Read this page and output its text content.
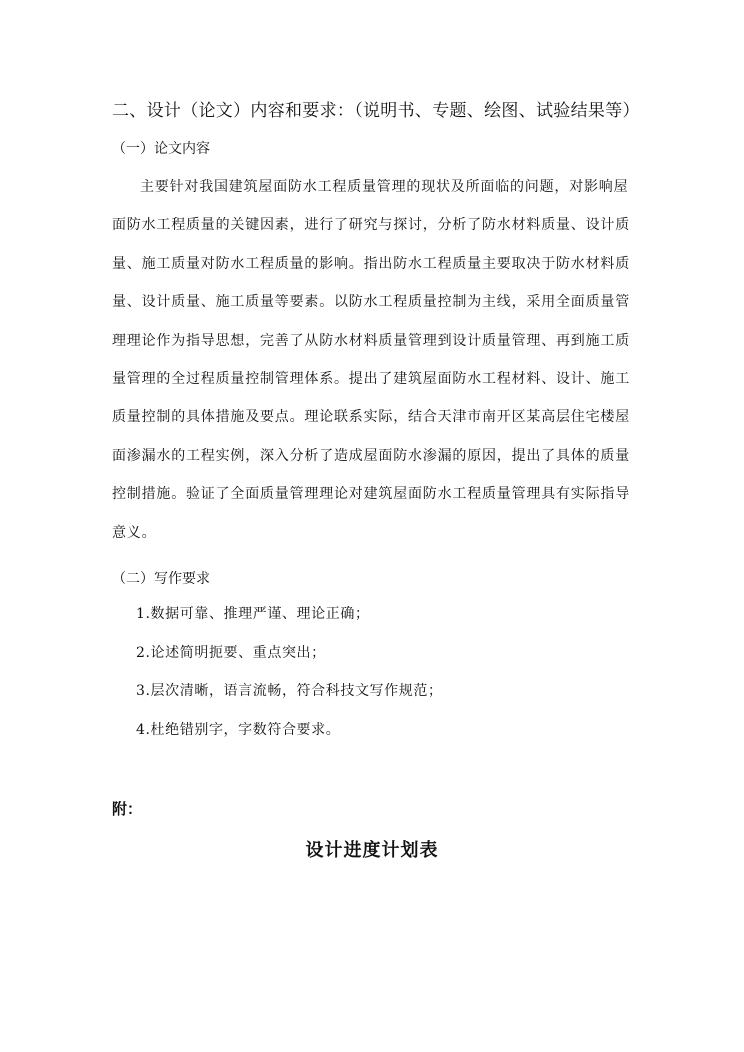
二、设计（论文）内容和要求：（说明书、专题、绘图、试验结果等）
（一）论文内容
主要针对我国建筑屋面防水工程质量管理的现状及所面临的问题，对影响屋
面防水工程质量的关键因素，进行了研究与探讨，分析了防水材料质量、设计质
量、施工质量对防水工程质量的影响。指出防水工程质量主要取决于防水材料质
量、设计质量、施工质量等要素。以防水工程质量控制为主线，采用全面质量管
理理论作为指导思想，完善了从防水材料质量管理到设计质量管理、再到施工质
量管理的全过程质量控制管理体系。提出了建筑屋面防水工程材料、设计、施工
质量控制的具体措施及要点。理论联系实际，结合天津市南开区某高层住宅楼屋
面渗漏水的工程实例，深入分析了造成屋面防水渗漏的原因，提出了具体的质量
控制措施。验证了全面质量管理理论对建筑屋面防水工程质量管理具有实际指导
意义。
（二）写作要求
1.数据可靠、推理严谨、理论正确；
2.论述简明扼要、重点突出；
3.层次清晰，语言流畅，符合科技文写作规范；
4.杜绝错别字，字数符合要求。
附：
设计进度计划表
